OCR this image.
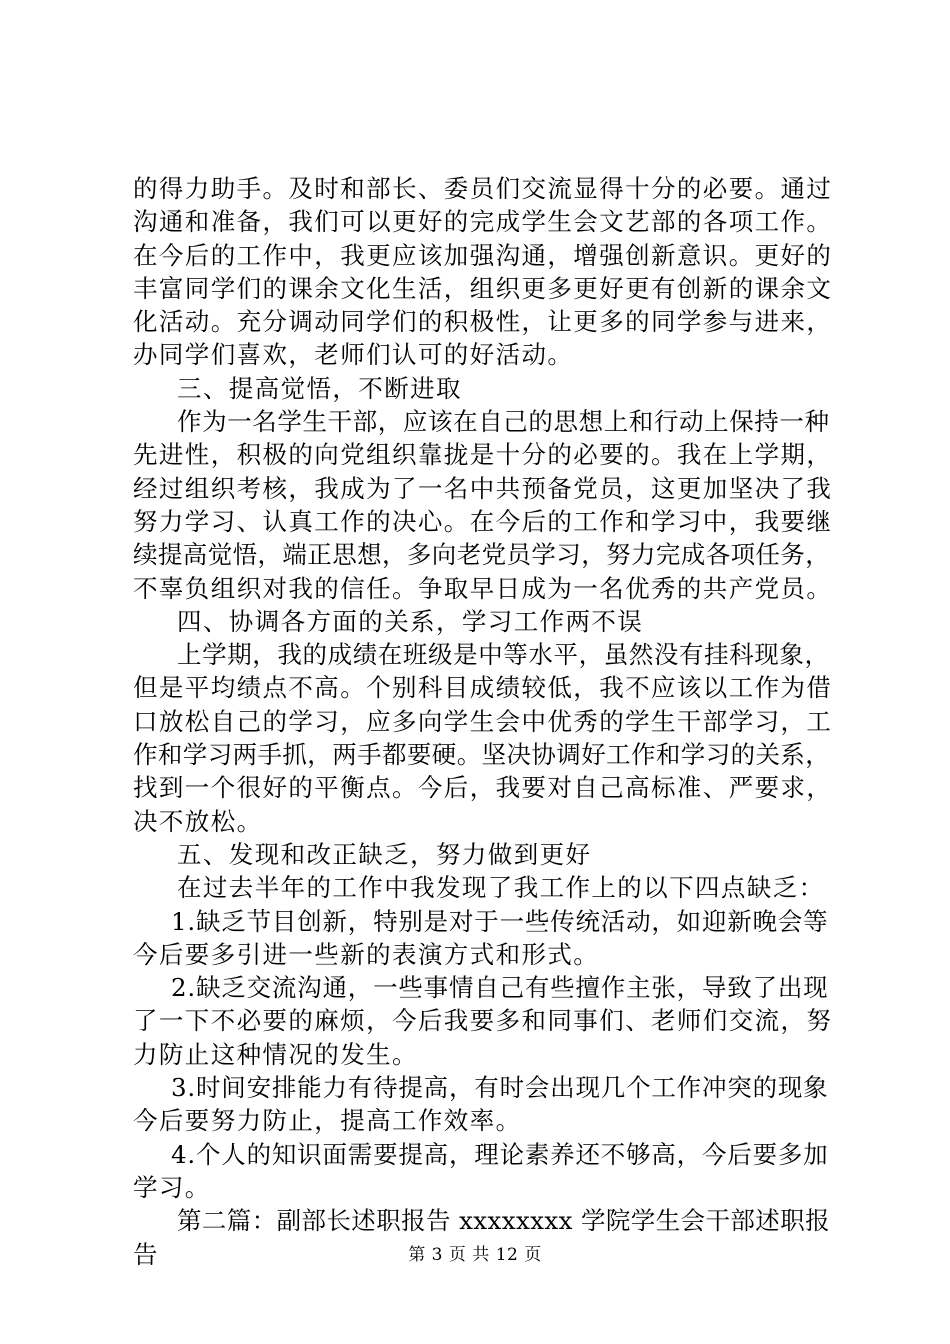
的得力助手。及时和部长、委员们交流显得十分的必要。通过
沟通和准备，我们可以更好的完成学生会文艺部的各项工作。
在今后的工作中，我更应该加强沟通，增强创新意识。更好的
丰富同学们的课余文化生活，组织更多更好更有创新的课余文
化活动。充分调动同学们的积极性，让更多的同学参与进来，
办同学们喜欢，老师们认可的好活动。
三、提高觉悟，不断进取
作为一名学生干部，应该在自己的思想上和行动上保持一种
先进性，积极的向党组织靠拢是十分的必要的。我在上学期，
经过组织考核，我成为了一名中共预备党员，这更加坚决了我
努力学习、认真工作的决心。在今后的工作和学习中，我要继
续提高觉悟，端正思想，多向老党员学习，努力完成各项任务，
不辜负组织对我的信任。争取早日成为一名优秀的共产党员。
四、协调各方面的关系，学习工作两不误
上学期，我的成绩在班级是中等水平，虽然没有挂科现象，
但是平均绩点不高。个别科目成绩较低，我不应该以工作为借
口放松自己的学习，应多向学生会中优秀的学生干部学习，工
作和学习两手抓，两手都要硬。坚决协调好工作和学习的关系，
找到一个很好的平衡点。今后，我要对自己高标准、严要求，
决不放松。
五、发现和改正缺乏，努力做到更好
在过去半年的工作中我发现了我工作上的以下四点缺乏：
1.缺乏节目创新，特别是对于一些传统活动，如迎新晚会等
今后要多引进一些新的表演方式和形式。
2.缺乏交流沟通，一些事情自己有些擅作主张，导致了出现
了一下不必要的麻烦，今后我要多和同事们、老师们交流，努
力防止这种情况的发生。
3.时间安排能力有待提高，有时会出现几个工作冲突的现象
今后要努力防止，提高工作效率。
4.个人的知识面需要提高，理论素养还不够高，今后要多加
学习。
第二篇：副部长述职报告 xxxxxxxx 学院学生会干部述职报
告	第 3 页 共 12 页
